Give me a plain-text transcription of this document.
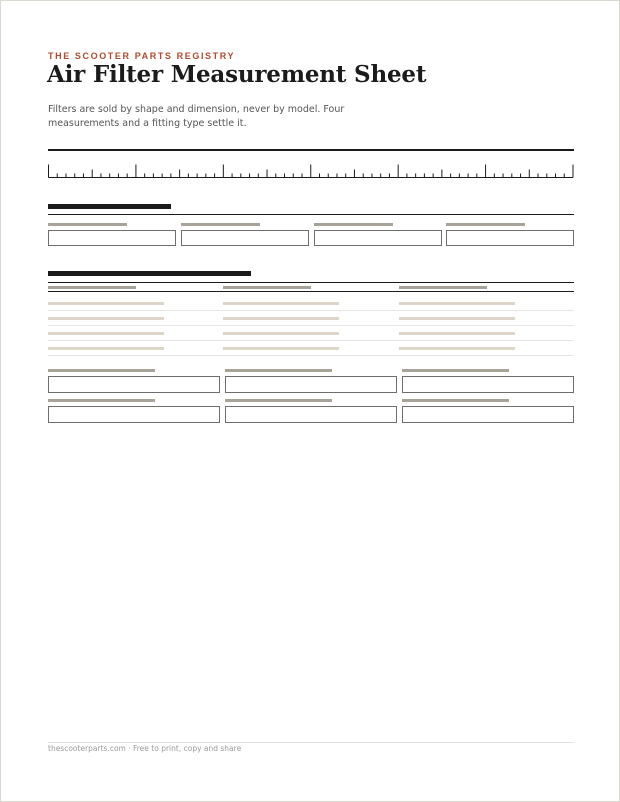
THE SCOOTER PARTS REGISTRY
Air Filter Measurement Sheet
Filters are sold by shape and dimension, never by model. Four measurements and a fitting type settle it.
thescooterparts.com · Free to print, copy and share
